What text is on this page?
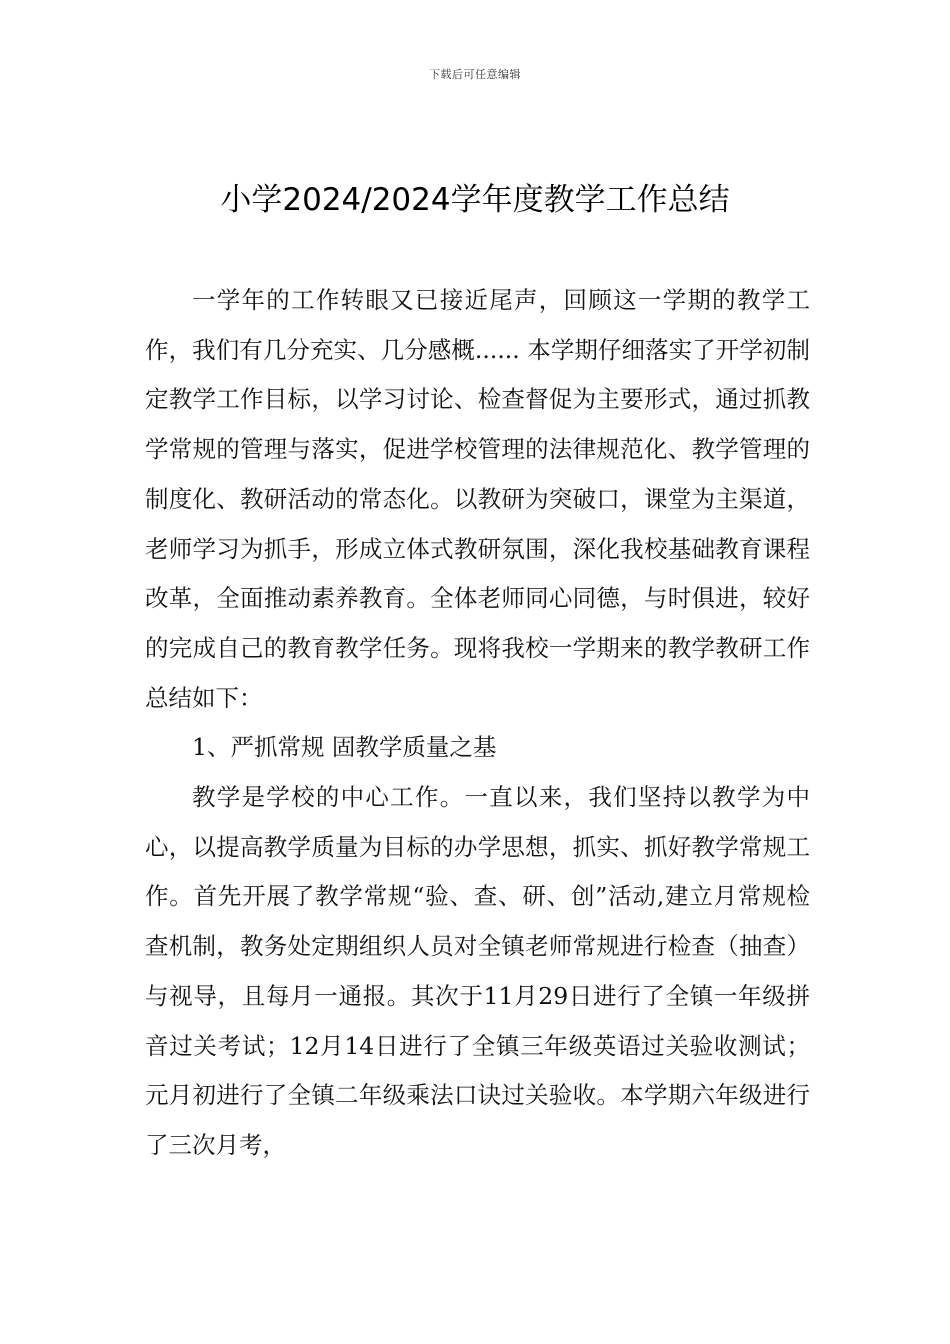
下载后可任意编辑
小学2024/2024学年度教学工作总结

一学年的工作转眼又已接近尾声，回顾这一学期的教学工作，我们有几分充实、几分感概...... 本学期仔细落实了开学初制定教学工作目标，以学习讨论、检查督促为主要形式，通过抓教学常规的管理与落实，促进学校管理的法律规范化、教学管理的制度化、教研活动的常态化。以教研为突破口，课堂为主渠道，老师学习为抓手，形成立体式教研氛围，深化我校基础教育课程改革，全面推动素养教育。全体老师同心同德，与时俱进，较好的完成自己的教育教学任务。现将我校一学期来的教学教研工作总结如下：

1、严抓常规 固教学质量之基

教学是学校的中心工作。一直以来，我们坚持以教学为中心，以提高教学质量为目标的办学思想，抓实、抓好教学常规工作。首先开展了教学常规“验、查、研、创”活动,建立月常规检查机制，教务处定期组织人员对全镇老师常规进行检查（抽查）与视导，且每月一通报。其次于11月29日进行了全镇一年级拼音过关考试；12月14日进行了全镇三年级英语过关验收测试；元月初进行了全镇二年级乘法口诀过关验收。本学期六年级进行了三次月考，
